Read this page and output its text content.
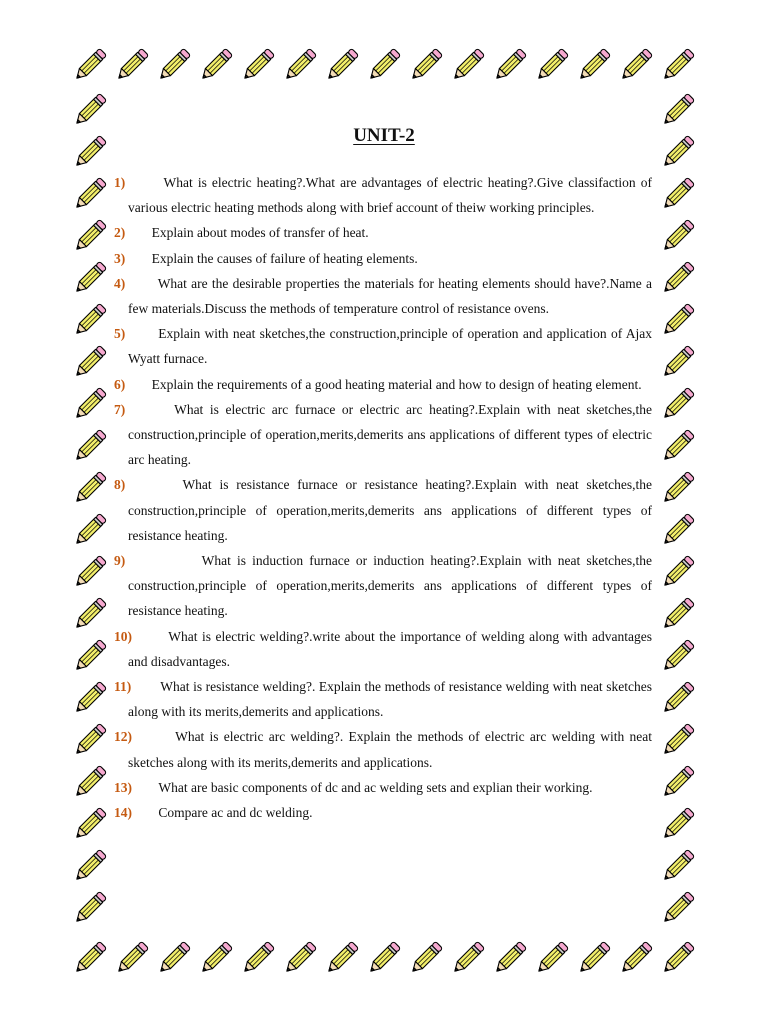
UNIT-2
1)	What is electric heating?.What are advantages of electric heating?.Give classifaction of various electric heating methods along with brief account of theiw working principles.
2) Explain about modes of transfer of heat.
3) Explain the causes of failure of heating elements.
4) What are the desirable properties the materials for heating elements should have?.Name a few materials.Discuss the methods of temperature control of resistance ovens.
5) Explain with neat sketches,the construction,principle of operation and application of Ajax Wyatt furnace.
6) Explain the requirements of a good heating material and how to design of heating element.
7)	What is electric arc furnace or electric arc heating?.Explain with neat sketches,the construction,principle of operation,merits,demerits ans applications of different types of electric arc heating.
8)	What is resistance furnace or resistance heating?.Explain with neat sketches,the construction,principle of operation,merits,demerits ans applications of different types of resistance heating.
9)	What is induction furnace or induction heating?.Explain with neat sketches,the construction,principle of operation,merits,demerits ans applications of different types of resistance heating.
10)	What is electric welding?.write about the importance of welding along with advantages and disadvantages.
11) What is resistance welding?. Explain the methods of resistance welding with neat sketches along with its merits,demerits and applications.
12)	What is electric arc welding?. Explain the methods of electric arc welding with neat sketches along with its merits,demerits and applications.
13) What are basic components of dc and ac welding sets and explian their working.
14) Compare ac and dc welding.
